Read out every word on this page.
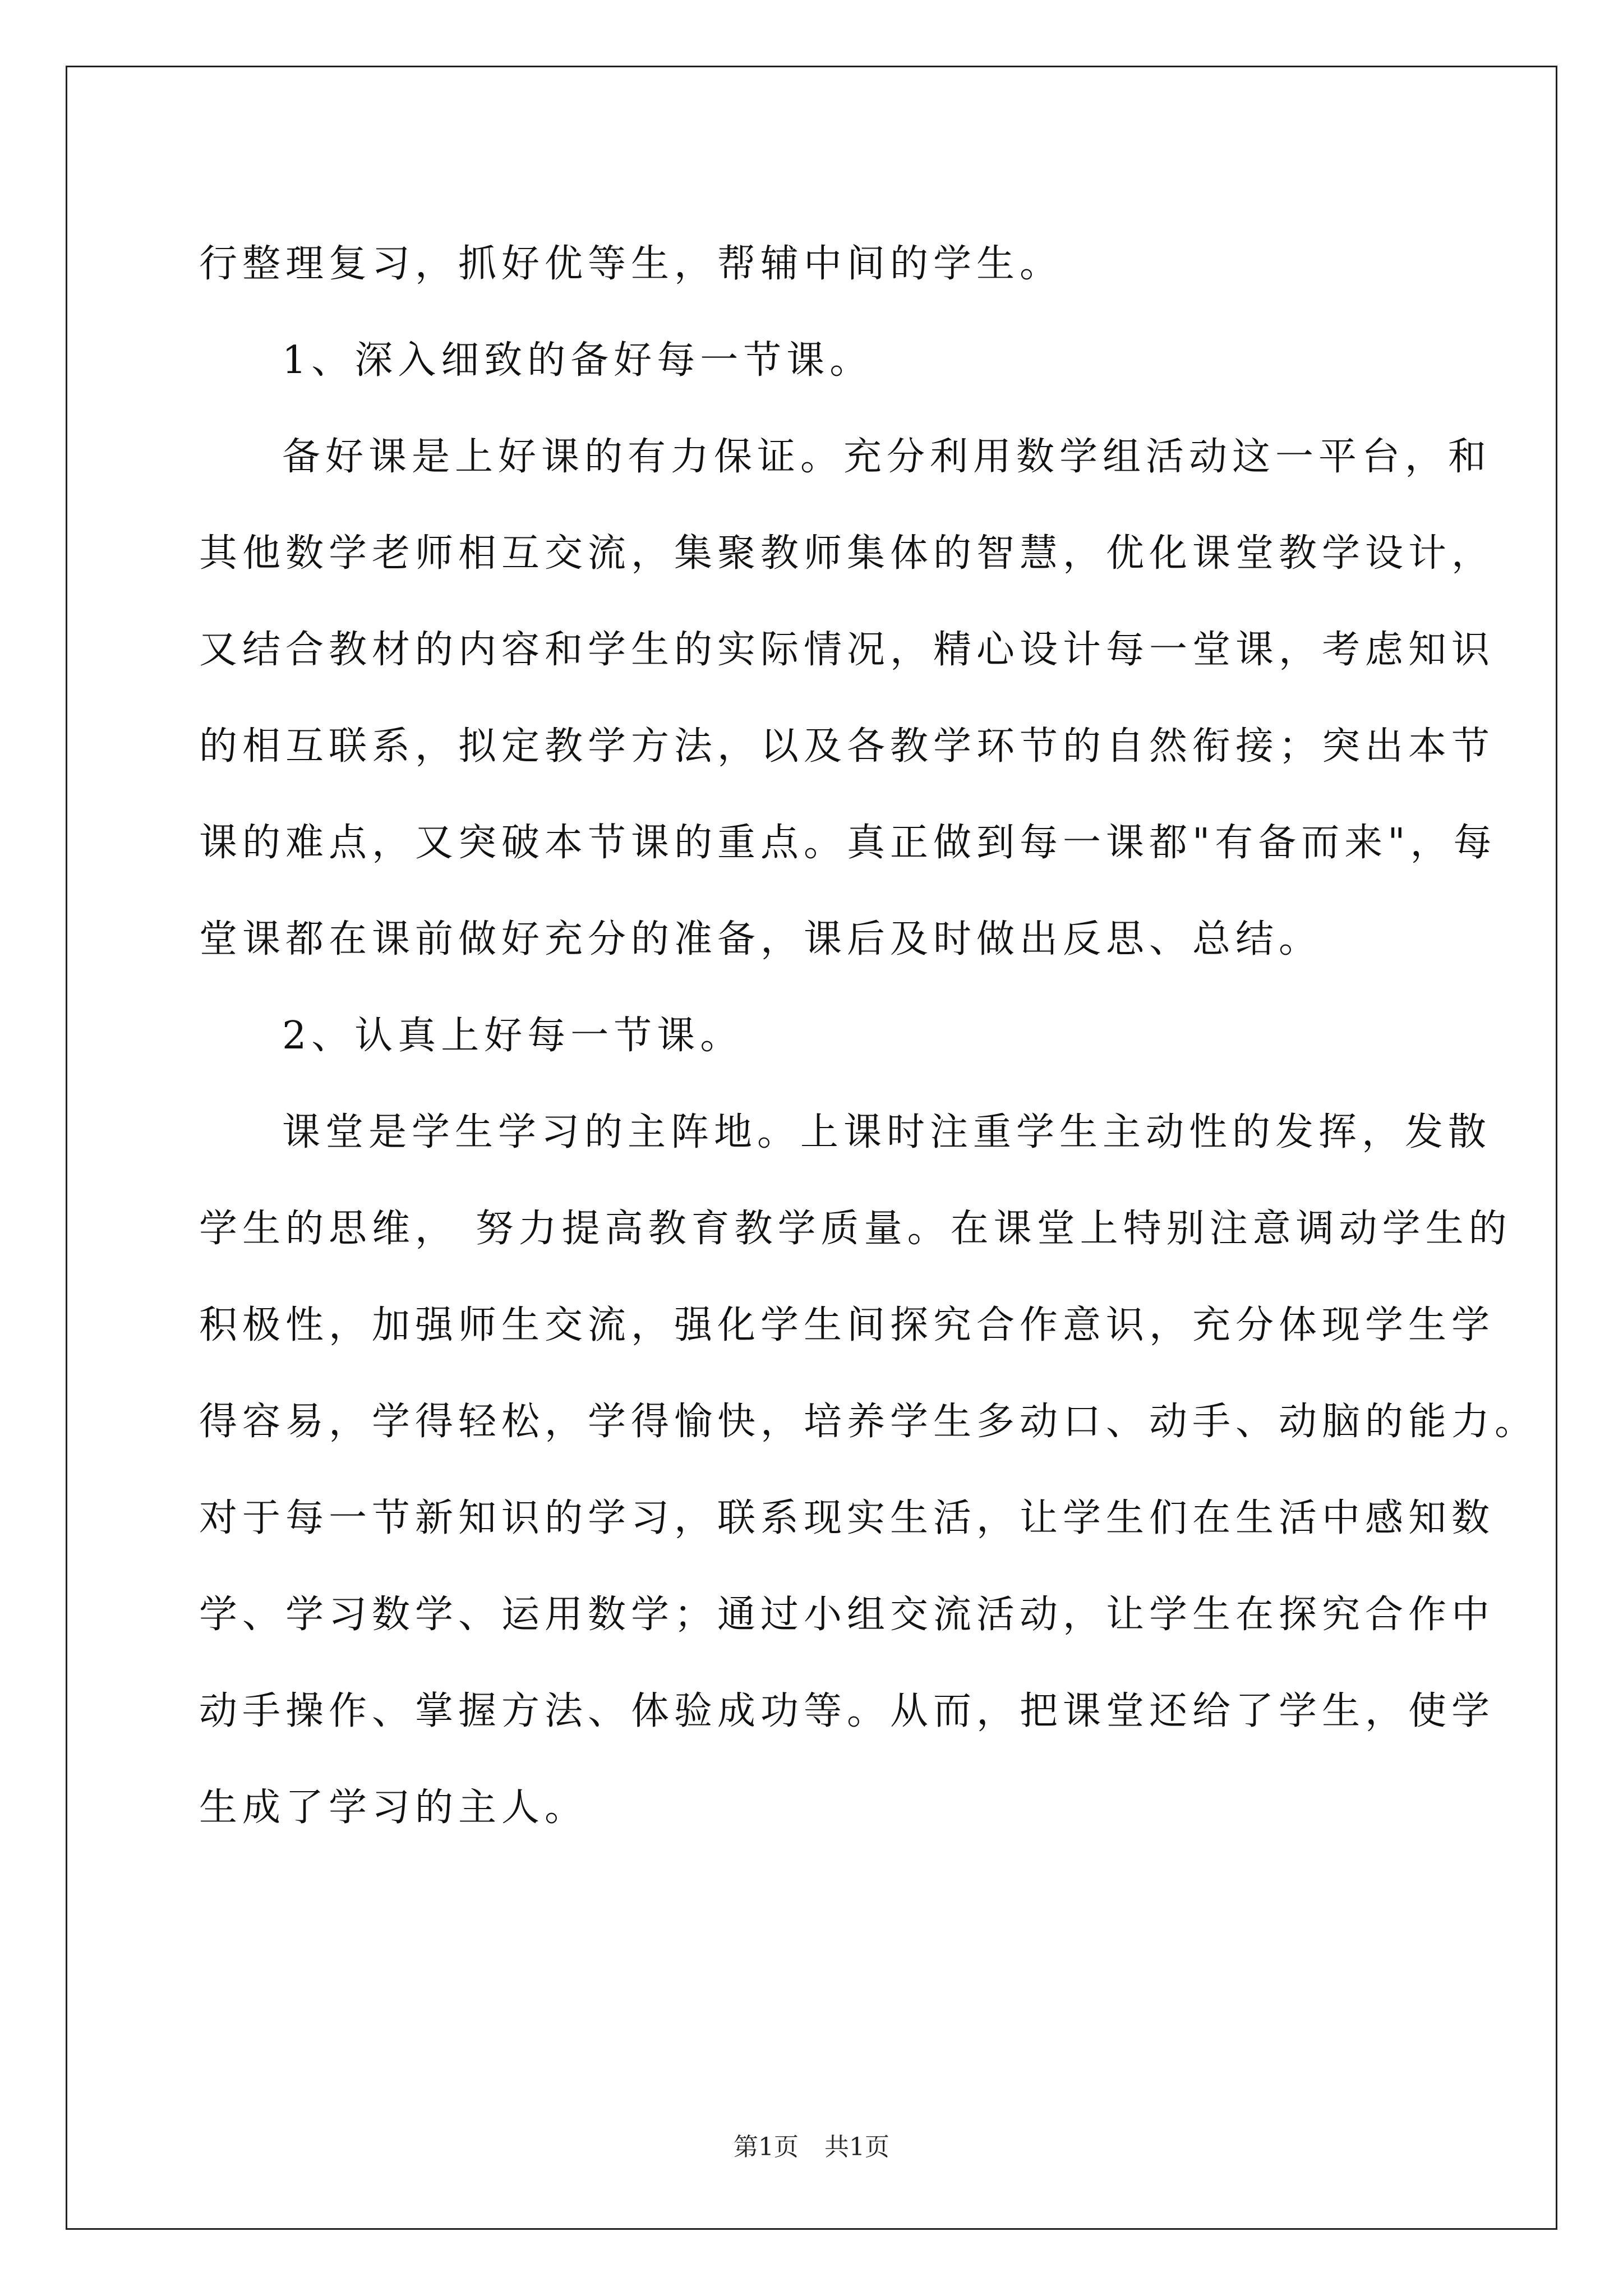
行整理复习，抓好优等生，帮辅中间的学生。

1、深入细致的备好每一节课。

备好课是上好课的有力保证。充分利用数学组活动这一平台，和

其他数学老师相互交流，集聚教师集体的智慧，优化课堂教学设计，

又结合教材的内容和学生的实际情况，精心设计每一堂课，考虑知识

的相互联系，拟定教学方法，以及各教学环节的自然衔接；突出本节

课的难点，又突破本节课的重点。真正做到每一课都"有备而来"，每

堂课都在课前做好充分的准备，课后及时做出反思、总结。

2、认真上好每一节课。

课堂是学生学习的主阵地。上课时注重学生主动性的发挥，发散

学生的思维， 努力提高教育教学质量。在课堂上特别注意调动学生的

积极性，加强师生交流，强化学生间探究合作意识，充分体现学生学

得容易，学得轻松，学得愉快，培养学生多动口、动手、动脑的能力。

对于每一节新知识的学习，联系现实生活，让学生们在生活中感知数

学、学习数学、运用数学；通过小组交流活动，让学生在探究合作中

动手操作、掌握方法、体验成功等。从而，把课堂还给了学生，使学

生成了学习的主人。

第1页 共1页
